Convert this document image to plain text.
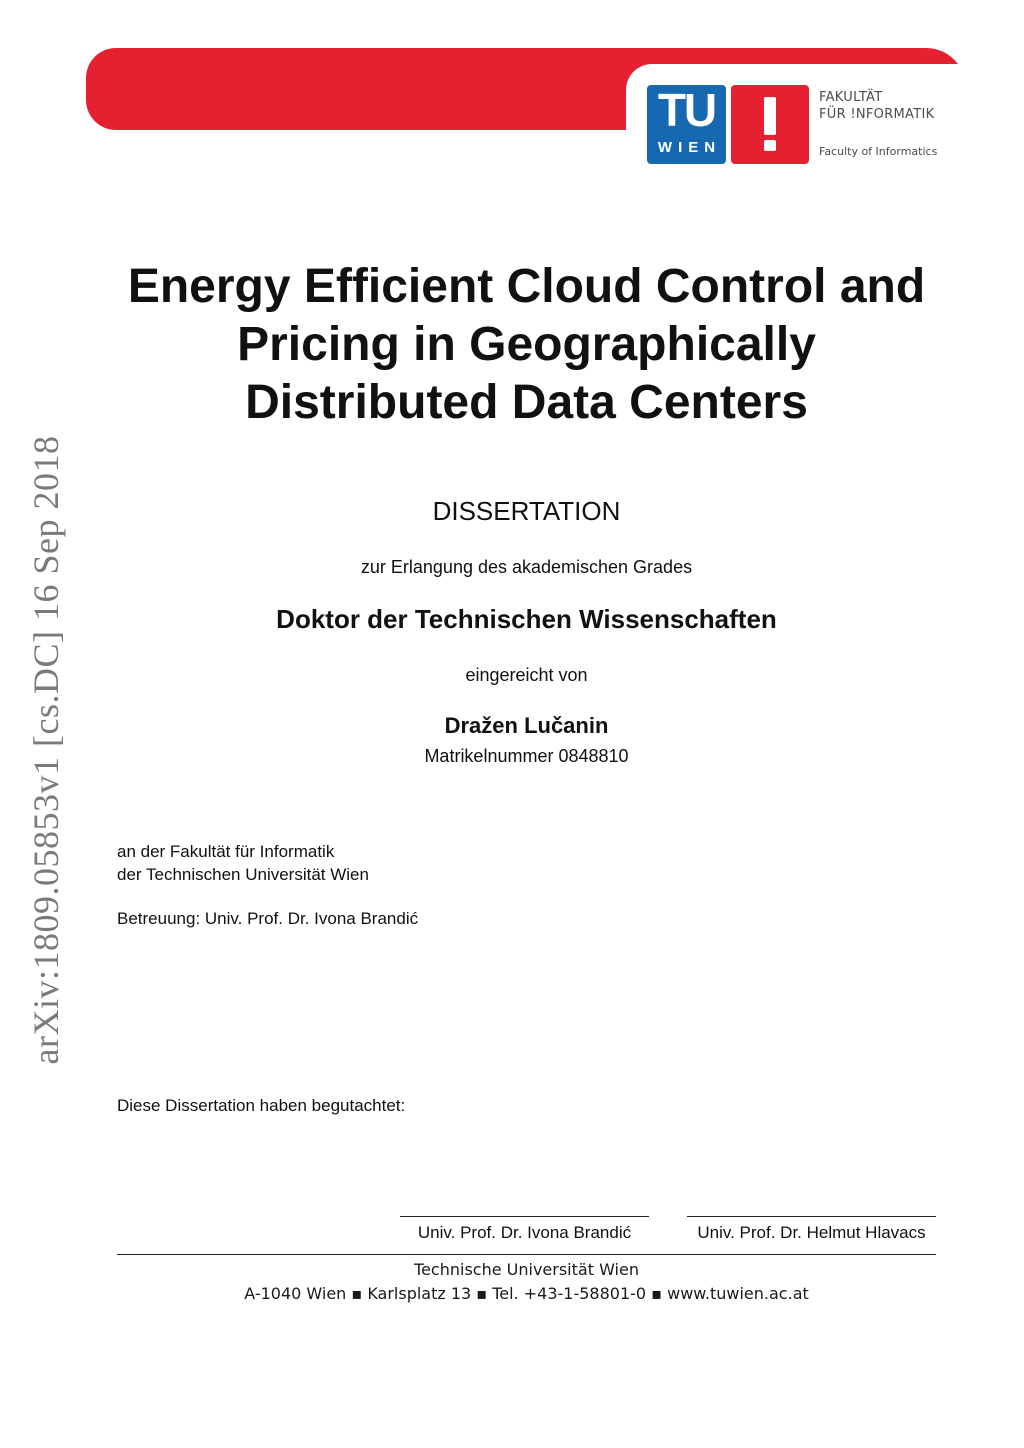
TU
WIEN
FAKULTÄT
FÜR !NFORMATIK
Faculty of Informatics
arXiv:1809.05853v1 [cs.DC] 16 Sep 2018
Energy Efficient Cloud Control and
Pricing in Geographically
Distributed Data Centers
DISSERTATION
zur Erlangung des akademischen Grades
Doktor der Technischen Wissenschaften
eingereicht von
Dražen Lučanin
Matrikelnummer 0848810
an der Fakultät für Informatik
der Technischen Universität Wien
Betreuung: Univ. Prof. Dr. Ivona Brandić
Diese Dissertation haben begutachtet:
Univ. Prof. Dr. Ivona Brandić	Univ. Prof. Dr. Helmut Hlavacs
Technische Universität Wien
A-1040 Wien ▪ Karlsplatz 13 ▪ Tel. +43-1-58801-0 ▪ www.tuwien.ac.at
